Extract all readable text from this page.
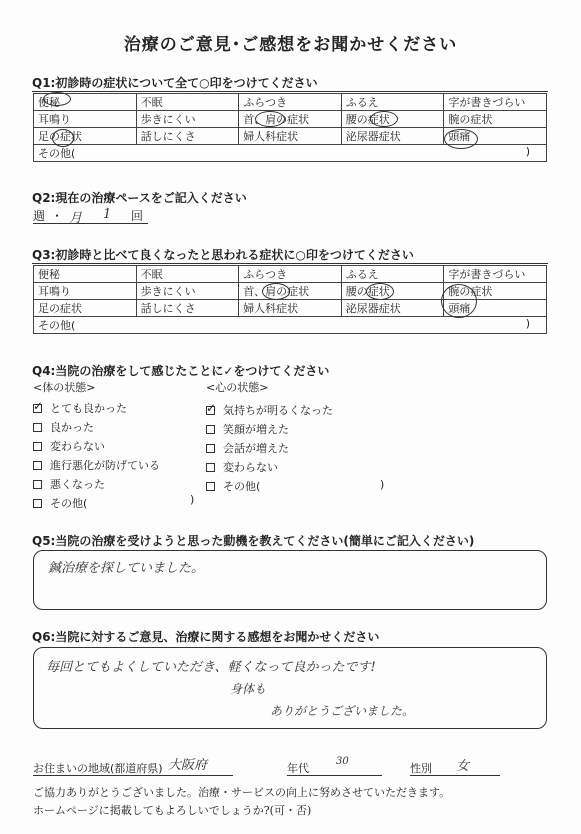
治療のご意見･ご感想をお聞かせください
Q1:初診時の症状について全て○印をつけてください
便秘	不眠	ふらつき	ふるえ	字が書きづらい
耳鳴り	歩きにくい	首、肩の症状	腰の症状	腕の症状
足の症状	話しにくさ	婦人科症状	泌尿器症状	頭痛
その他( )				
Q2:現在の治療ペースをご記入ください
週 ・ 月 1 回
Q3:初診時と比べて良くなったと思われる症状に○印をつけてください
便秘	不眠	ふらつき	ふるえ	字が書きづらい
耳鳴り	歩きにくい	首、肩の症状	腰の症状	腕の症状
足の症状	話しにくさ	婦人科症状	泌尿器症状	頭痛
その他( )				
Q4:当院の治療をして感じたことに✓をつけてください
<体の状態>	<心の状態>
✓
とても良かった
良かった
変わらない
進行悪化が防げている
悪くなった
その他(
✓
気持ちが明るくなった
笑顔が増えた
会話が増えた
変わらない
その他(
)
)
Q5:当院の治療を受けようと思った動機を教えてください(簡単にご記入ください)
鍼治療を探していました。
Q6:当院に対するご意見、治療に関する感想をお聞かせください
毎回とてもよくしていただき、軽くなって良かったです!
身体も
ありがとうございました。
お住まいの地域(都道府県) 大阪府	年代
30
性別 女
ご協力ありがとうございました。治療・サービスの向上に努めさせていただきます。
ホームページに掲載してもよろしいでしょうか?(可・否)
